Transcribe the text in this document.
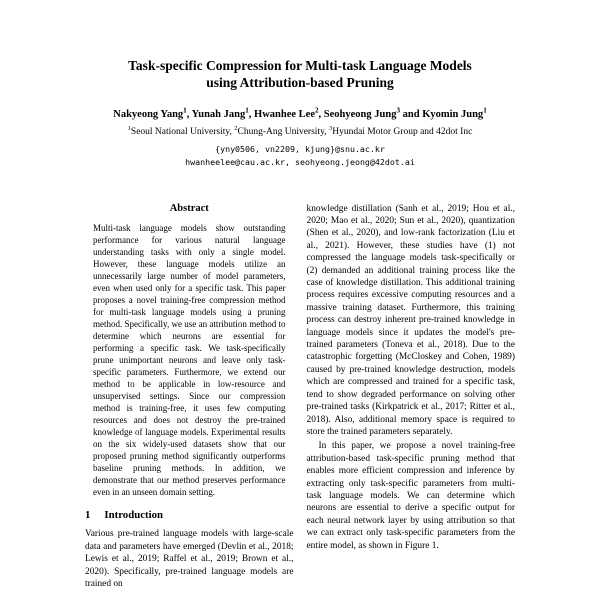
Task-specific Compression for Multi-task Language Models
using Attribution-based Pruning
Nakyeong Yang$^1$, Yunah Jang$^1$, Hwanhee Lee$^2$, Seohyeong Jung$^3$ and Kyomin Jung$^1$
$^1$Seoul National University, $^2$Chung-Ang University, $^3$Hyundai Motor Group and 42dot Inc
{yny0506, vn2209, kjung}@snu.ac.kr
hwanheelee@cau.ac.kr, seohyeong.jeong@42dot.ai
Abstract

Multi-task language models show outstanding performance for various natural language understanding tasks with only a single model. However, these language models utilize an unnecessarily large number of model parameters, even when used only for a specific task. This paper proposes a novel training-free compression method for multi-task language models using a pruning method. Specifically, we use an attribution method to determine which neurons are essential for performing a specific task. We task-specifically prune unimportant neurons and leave only task-specific parameters. Furthermore, we extend our method to be applicable in low-resource and unsupervised settings. Since our compression method is training-free, it uses few computing resources and does not destroy the pre-trained knowledge of language models. Experimental results on the six widely-used datasets show that our proposed pruning method significantly outperforms baseline pruning methods. In addition, we demonstrate that our method preserves performance even in an unseen domain setting.

1 Introduction

Various pre-trained language models with large-scale data and parameters have emerged (Devlin et al., 2018; Lewis et al., 2019; Raffel et al., 2019; Brown et al., 2020). Specifically, pre-trained language models are trained on

knowledge distillation (Sanh et al., 2019; Hou et al., 2020; Mao et al., 2020; Sun et al., 2020), quantization (Shen et al., 2020), and low-rank factorization (Liu et al., 2021). However, these studies have (1) not compressed the language models task-specifically or (2) demanded an additional training process like the case of knowledge distillation. This additional training process requires excessive computing resources and a massive training dataset. Furthermore, this training process can destroy inherent pre-trained knowledge in language models since it updates the model's pre-trained parameters (Toneva et al., 2018). Due to the catastrophic forgetting (McCloskey and Cohen, 1989) caused by pre-trained knowledge destruction, models which are compressed and trained for a specific task, tend to show degraded performance on solving other pre-trained tasks (Kirkpatrick et al., 2017; Ritter et al., 2018). Also, additional memory space is required to store the trained parameters separately.

In this paper, we propose a novel training-free attribution-based task-specific pruning method that enables more efficient compression and inference by extracting only task-specific parameters from multi-task language models. We can determine which neurons are essential to derive a specific output for each neural network layer by using attribution so that we can extract only task-specific parameters from the entire model, as shown in Figure 1.
